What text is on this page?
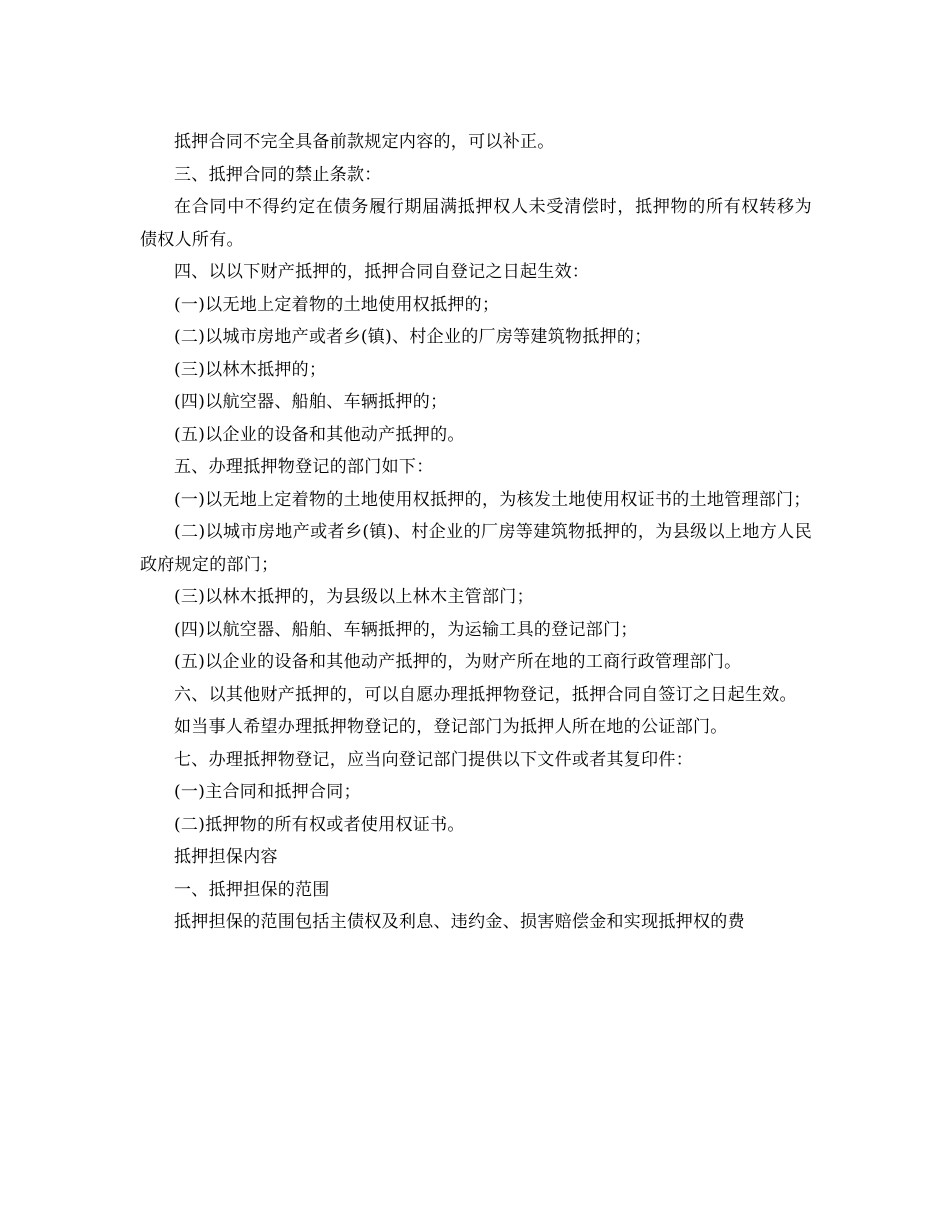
抵押合同不完全具备前款规定内容的，可以补正。

三、抵押合同的禁止条款：

在合同中不得约定在债务履行期届满抵押权人未受清偿时，抵押物的所有权转移为债权人所有。

四、以以下财产抵押的，抵押合同自登记之日起生效：

(一)以无地上定着物的土地使用权抵押的；

(二)以城市房地产或者乡(镇)、村企业的厂房等建筑物抵押的；

(三)以林木抵押的；

(四)以航空器、船舶、车辆抵押的；

(五)以企业的设备和其他动产抵押的。

五、办理抵押物登记的部门如下：

(一)以无地上定着物的土地使用权抵押的，为核发土地使用权证书的土地管理部门；

(二)以城市房地产或者乡(镇)、村企业的厂房等建筑物抵押的，为县级以上地方人民政府规定的部门；

(三)以林木抵押的，为县级以上林木主管部门；

(四)以航空器、船舶、车辆抵押的，为运输工具的登记部门；

(五)以企业的设备和其他动产抵押的，为财产所在地的工商行政管理部门。

六、以其他财产抵押的，可以自愿办理抵押物登记，抵押合同自签订之日起生效。

如当事人希望办理抵押物登记的，登记部门为抵押人所在地的公证部门。

七、办理抵押物登记，应当向登记部门提供以下文件或者其复印件：

(一)主合同和抵押合同；

(二)抵押物的所有权或者使用权证书。

抵押担保内容

一、抵押担保的范围

抵押担保的范围包括主债权及利息、违约金、损害赔偿金和实现抵押权的费
